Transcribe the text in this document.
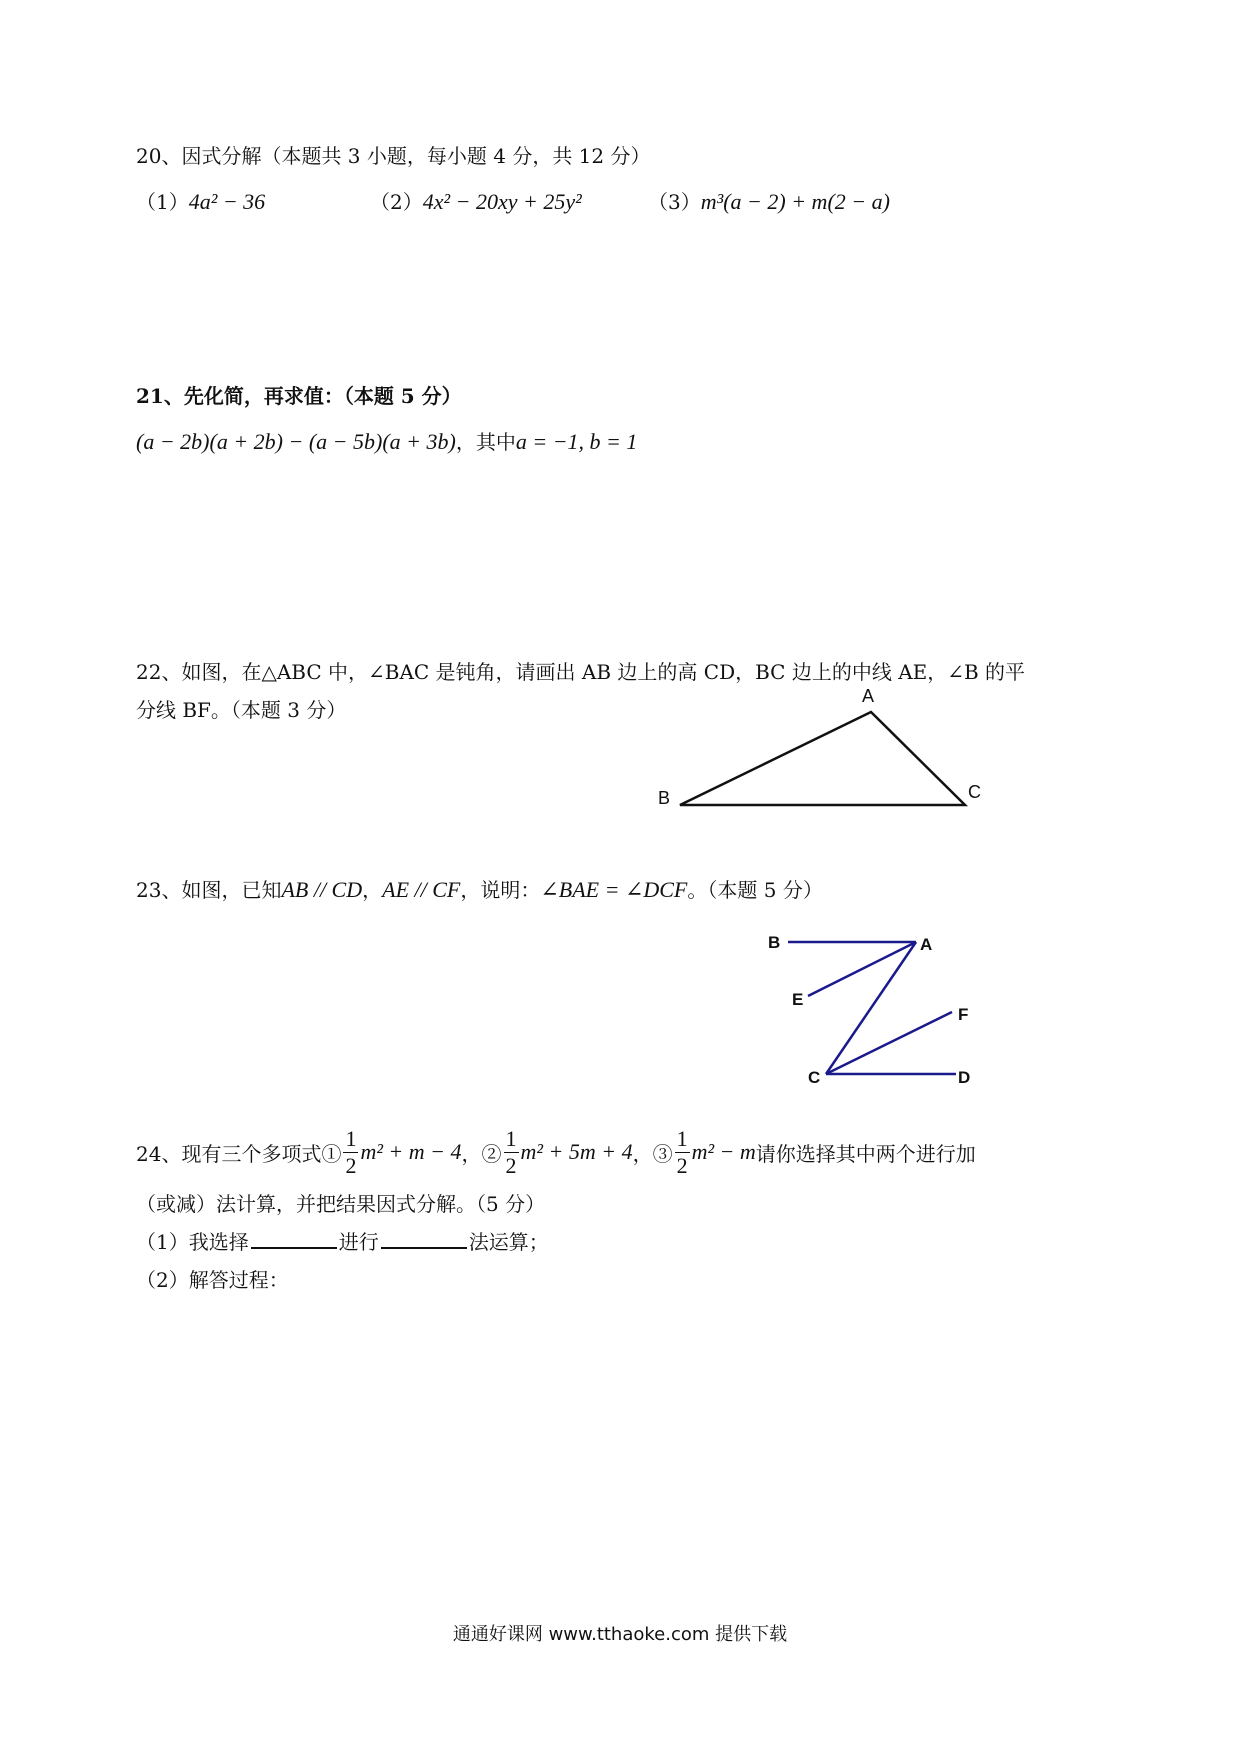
20、因式分解（本题共 3 小题，每小题 4 分，共 12 分）
（1）4a² − 36	（2）4x² − 20xy + 25y²	（3）m³(a − 2) + m(2 − a)
21、先化简，再求值：（本题 5 分）
(a − 2b)(a + 2b) − (a − 5b)(a + 3b)，其中a = −1, b = 1
22、如图，在△ABC 中，∠BAC 是钝角，请画出 AB 边上的高 CD，BC 边上的中线 AE，∠B 的平
分线 BF。（本题 3 分）
A
B	C
23、如图，已知AB // CD，AE // CF，说明：∠BAE = ∠DCF。（本题 5 分）
B	A
E
F
C	D
24、现有三个多项式① $\frac{1}{2} m^2 + m - 4$ ，② $\frac{1}{2} m^2 + 5m + 4$ ，③ $\frac{1}{2} m^2 - m$ 请你选择其中两个进行加
（或减）法计算，并把结果因式分解。（5 分）
（1）我选择	进行	法运算；
（2）解答过程：
通通好课网 www.tthaoke.com 提供下载
